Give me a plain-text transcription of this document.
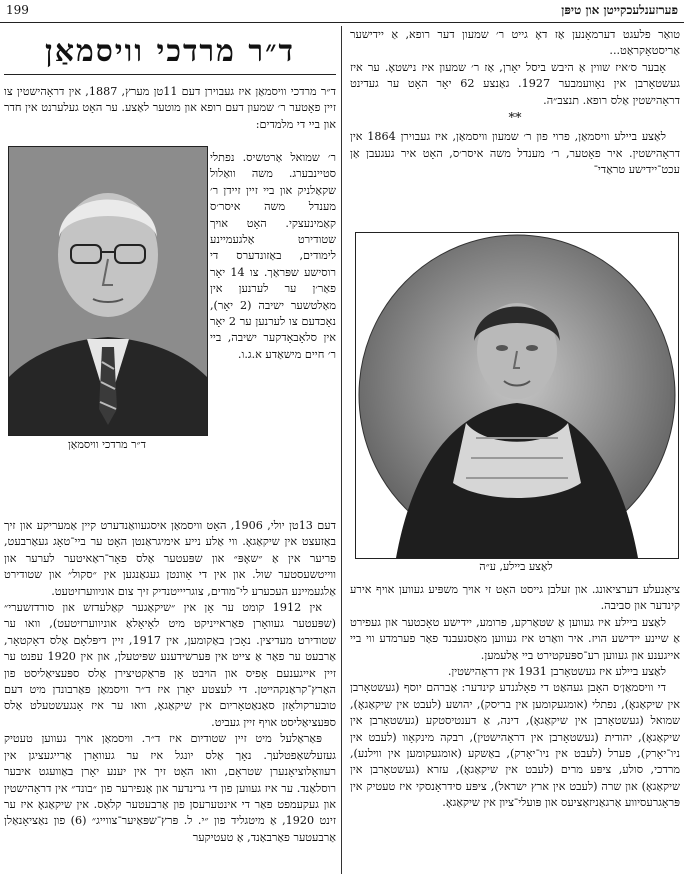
199	פערזענלעכקייטן און טיפּן

טואַר פלעגט דערמאָנען אַז דאָ גייט ר׳ שמעון דער רופא, אַ יידישער אַריסטאָקראַט...

אָבער ס׳איז שווין אַ היבש ביסל יאָרן, אַז ר׳ שמעון איז נישטאָ. ער איז געשטאָרבן אין נאָוועמבער 1927. גאַנצע 62 יאָר האָט ער געדינט דראָהישטין אַלס רופא. תנצב״ה.

**

לאַצע ביילע וויסמאַן, פרוי פון ר׳ שמעון וויסמאַן, איז געבוירן 1864 אין דראָהישטין. איר פאָטער, ר׳ מענדל משה איסר׳ס, האָט איר געגעבן אַן עכט־יידישע טראַדי־

לאַצע ביילע, ע״ה

ציאָנעלע דערציאונג. און זעלבן גייסט האָט זי אויך משפּיע געווען אויף אירע קינדער און סביבה.

לאַצע ביילע איז געווען אַ שטאַרקע, פרומע, יידישע טאָכטער און געפירט אַ שיינע יידישע הויז. איר וואַרט איז געווען מאַסגעבנד פאַר פערמדע ווי ביי אייגענע און געווען רע־ספּעקטירט ביי אַלעמען.

לאַצע ביילע איז געשטאָרבן 1931 אין דראָהישטין.

די וויסמאַן׳ס האָבן געהאַט די פאָלגנדע קינדער: אַברהם יוסף (געשטאָרבן אין שיקאַגאָ), נפתלי (אומגעקומען אין בריסק), יהושע (לעבט אין שיקאַגאָ), שמואל (געשטאָרבן אין שיקאַגאָ), דינה, אַ דענטיסטקע (געשטאָרבן אין שיקאַגאָ), יהודית (געשטאָרבן אין דראָהישטין), רבקה מינקאָוו (לעבט אין ניו־יאָרק), פערל (לעבט אין ניו־יאָרק), באַשקע (אומגעקומען אין ווילנע), מרדכי, סולע, ציפּע מרים (לעבט אין שיקאַגאָ), עזרא (געשטאָרבן אין שיקאַגאָ) און שרה (לעבט אין ארץ ישראל), ציפּע סידראָנסקי איז טעטיק אין פּראָגרעסיווע אַרגאַניזאַציעס און פּועלי־ציון אין שיקאַגאָ.

ד״ר מרדכי וויסמאַן

ד״ר מרדכי וויסמאַן איז געבוירן דעם 11טן מערץ, 1887, אין דראָהישטין צו זיין פאָטער ר׳ שמעון דעם רופא און מוטער לאַצע. ער האָט געלערנט אין חדר און ביי די מלמדים:

ד״ר מרדכי וויסמאַן
ר׳ שמואל אַרטשיס. נפתלי סטיינבערג. משה וואַלול שקאַלניק און ביי זיין זיידן ר׳ מענדל משה איסר׳ס קאַמינעצקי. האָט אויך שטודירט אַלגעמיינע לימודים, באַזונדערס די רוסישע שפּראַך. צו 14 יאָר פאַר׳ן ער לערנען אין מאַלטשער ישיבה (2 יאָר), נאָכדעם צו לערנען ער 2 יאָר אין סלאָבאָדקער ישיבה, ביי ר׳ חיים מישאַדע א.ג.ו.

דעם 13טן יולי, 1906, האָט וויסמאַן איסגעוואַנדערט קיין אַמעריקע און זיך באַזעצט אין שיקאַגאָ. ווי אַלע נייע אימיגראַנטן האָט ער ביי־טאָג געאַרבעט, פריער אין אַ ״שאָפּ״ און שפּעטער אַלס פאָר־ראַאיטער לערער און ווייטשעסטער שול. און אין די אָוונטן געגאַנגען אין ״סקול״ און שטודירט אַלגעמיינע העכערע לי־מודים, צוגריייטנדיק זיך צום אוניווערזיטעט.

אין 1912 קומט ער אָן אין ״שיקאַגער קאַלעדזש און סורדזשערי״ (שפּעטער געוואָרן פאַראייניקט מיט לאָיאָלאַ אוניווערזיטעט), וואו ער שטודירט מעדיצין. נאָכ׳ן באַקומען, אין 1917, זיין דיפּלאָם אַלס דאָקטאָר, אַרבעט ער פאַר אַ צייט אין פּערשידענע שפּיטעלן, און אין 1920 עפנט ער זיין אייגענעם אָפיס און הויבט אָן פּראַקטיצירן אַלס ספּעציאַליסט פון האַרץ־קראַנקהייטן. די לעצטע יאָרן איז ד״ר וויסמאַן פאַרבונדן מיט דעם טובערקולאָזן סאַנאַטאָריום אין שיקאַגאָ, וואו ער איז אָנגעשטעלט אַלס ספּעציאַליסט אויף זיין געביט.

פּאַראַלעל מיט זיין שטודיום איז ד״ר. וויסמאַן אויך געווען טעטיק געזעלשאַפטלעך. נאָך אַלס יונגל איז ער געוואָרן אַרייגעציגן אין רעוואָלוציאָנערן שטראָם, וואו האָט זיך אין יענע יאָרן באַוועגט איבער רוסלאַנד. ער איז געווען פון די גרינדער און אַנפירער פון ״בונד״ אין דראָהישטין און געקעמפט פאַר די אינטערעסן פון אַרבעטער קלאַס. אין שיקאַגאָ איז ער זינט 1920, אַ מיטגליד פון ״י. ל. פּרץ־שפּאַיער־צווייג״ (6) פון נאַציאָנאַלן אַרבעטער פאַרבאַנד, אַ טעטיקער
